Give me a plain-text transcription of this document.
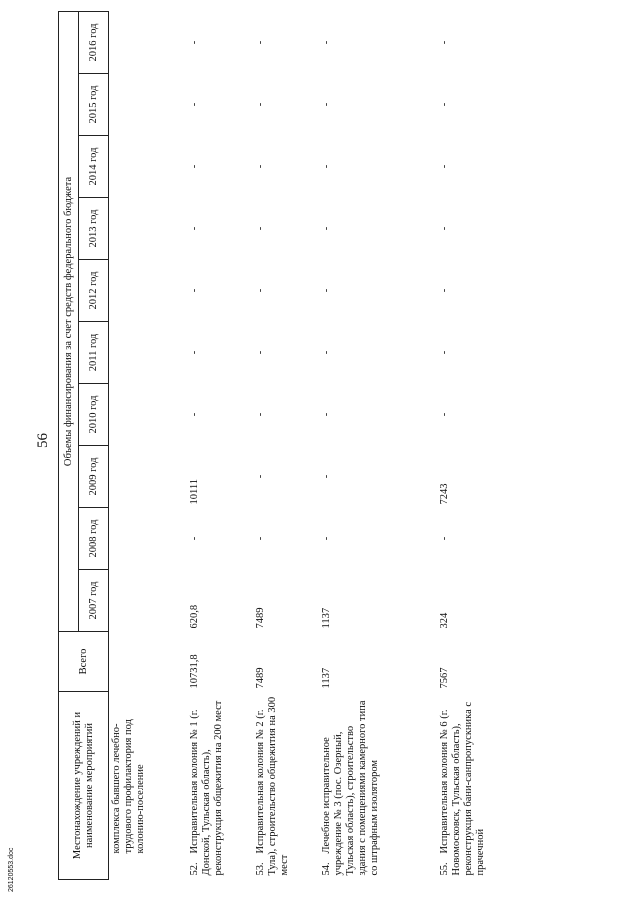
56
Местонахождение учреждений и наименование мероприятий	Всего	Объемы финансирования за счет средств федерального бюджета									
		2007 год	2008 год	2009 год	2010 год	2011 год	2012 год	2013 год	2014 год	2015 год	2016 год
комплекса бывшего лечебно-трудового профилактория под колонию-поселение											
52.Исправительная колония № 1 (г. Донской, Тульская область), реконструкция общежития на 200 мест	10731,8	620,8	-	10111	-	-	-	-	-	-	-
53.Исправительная колония № 2 (г. Тула), строительство общежития на 300 мест	7489	7489	-	-	-	-	-	-	-	-	-
54.Лечебное исправительное учреждение № 3 (пос. Озерный, Тульская область), строительство здания с помещениями камерного типа со штрафным изолятором	1137	1137	-	-	-	-	-	-	-	-	-
55.Исправительная колония № 6 (г. Новомосковск, Тульская область), реконструкция бани-санпропускника с прачечной	7567	324	-	7243	-	-	-	-	-	-	-
26120553.doc
